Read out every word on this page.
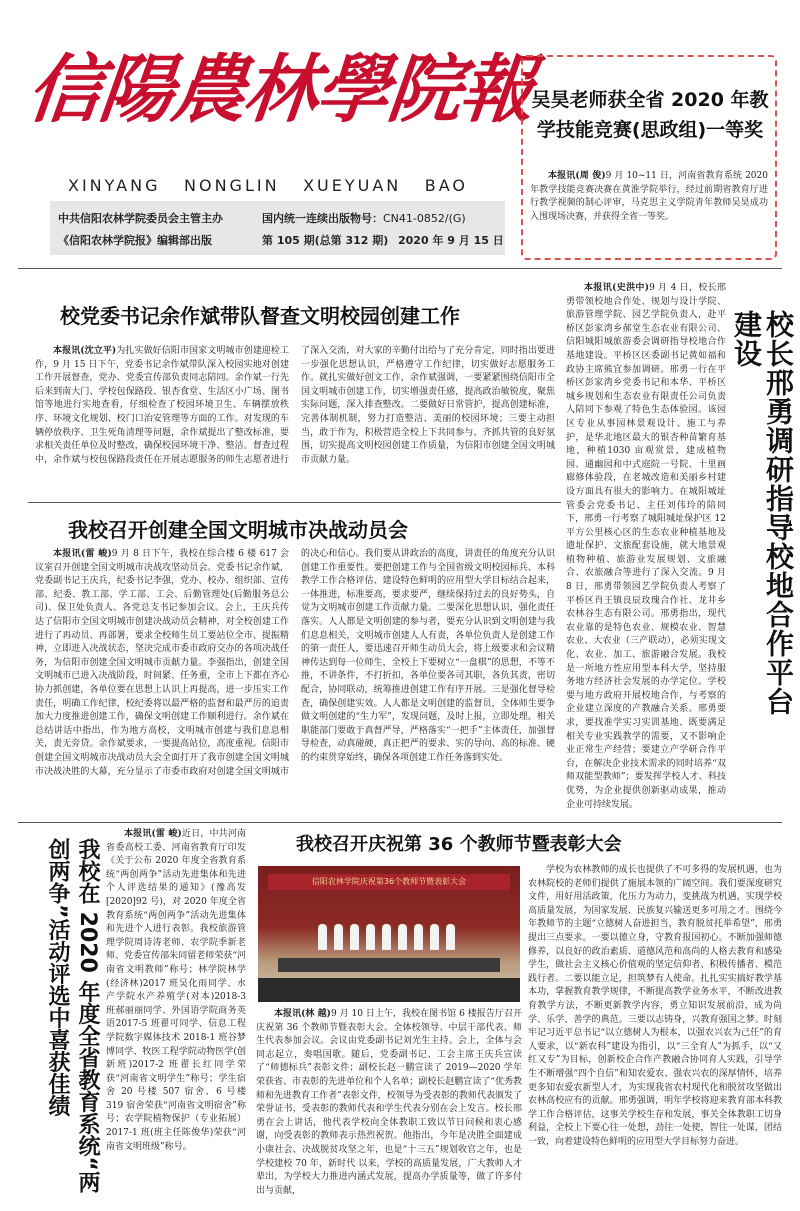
信陽農林學院報
XINYANG NONGLIN XUEYUAN BAO
中共信阳农林学院委员会主管主办
《信阳农林学院报》编辑部出版
国内统一连续出版物号：CN41-0852/(G)
第 105 期(总第 312 期) 2020 年 9 月 15 日
吴昊老师获全省 2020 年教学技能竞赛(思政组)一等奖

本报讯(周 俊)9 月 10~11 日，河南省教育系统 2020 年教学技能竞赛决赛在黄淮学院举行，经过前期省教育厅进行教学视频的制心评审，马克思主义学院青年教师吴昊成功入围现场决赛，并获得全省一等奖。

校党委书记余作斌带队督查文明校园创建工作

本报讯(沈立平)为扎实做好信阳市国家文明城市创建迎检工作，9 月 15 日下午，党委书记余作斌带队深入校园实地对创建工作开展督查，党办、党委宣传部负责同志陪同。余作斌一行先后来到南大门、学校包保路段、银杏食堂、生活区小广场、图书馆等地进行实地查看，仔细检查了校园环境卫生、车辆摆放秩序、环境文化规划、校门口治安管理等方面的工作。对发现的车辆停放秩序、卫生死角清理等问题，余作斌提出了整改标准，要求相关责任单位及时整改，确保校园环境干净、整洁。督查过程中，余作斌与校包保路段责任在开展志愿服务的师生志愿者进行了深入交流，对大家的辛勤付出给与了充分肯定，同时指出要进一步强化思想认识，严格遵守工作纪律，切实做好志愿服务工作。就扎实做好创文工作，余作斌强调，一要紧紧围绕信阳市全国文明城市创建工作，切实增强责任感，提高政治敏锐度，聚焦实际问题，深入排查整改。二要做好日常管护，提高创建标准，完善体制机制，努力打造整洁、美丽的校园环境；三要主动担当，敢于作为，积极营造全校上下共同参与、齐抓共管的良好氛围，切实提高文明校园创建工作质量，为信阳市创建全国文明城市贡献力量。

我校召开创建全国文明城市决战动员会

本报讯(雷 峻)9 月 8 日下午，我校在综合楼 6 楼 617 会议室召开创建全国文明城市决战攻坚动员会。党委书记余作斌，党委副书记王庆兵，纪委书记李强，党办、校办、组织部、宣传部、纪委、教工部、学工部、工会、后勤管理处(后勤服务总公司)、保卫处负责人、各党总支书记参加会议。会上，王庆兵传达了信阳市全国文明城市创建决战动员会精神，对全校创建工作进行了再动员、再部署，要求全校师生员工要站位全市、提振精神，立即进入决战状态，坚决完成市委市政府交办的各项决战任务，为信阳市创建全国文明城市贡献力量。李强指出，创建全国文明城市已进入决战阶段，时间紧、任务重，全市上下都在齐心协力抓创建，各单位要在思想上认识上再提高，进一步压实工作责任，明确工作纪律，校纪委将以最严格的监督和最严厉的追责加大力度推进创建工作，确保文明创建工作顺利进行。余作斌在总结讲话中指出，作为地方高校，文明城市创建与我们息息相关，责无旁贷。余作斌要求，一要提高站位，高度重视。信阳市创建全国文明城市决战动员大会全面打开了我市创建全国文明城市决战决胜的大幕，充分显示了市委市政府对创建全国文明城市的决心和信心。我们要从讲政治的高度，讲责任的角度充分认识创建工作重要性。要把创建工作与全国省级文明校园标兵、本科教学工作合格评估、建设特色鲜明的应用型大学目标结合起来，一体推进，标准要高，要求要严，继续保持过去的良好势头，自觉为文明城市创建工作贡献力量。二要深化思想认识，强化责任落实。人人都是文明创建的参与者，要充分认识到文明创建与我们息息相关，文明城市创建人人有责，各单位负责人是创建工作的第一责任人，要迅速召开师生动员大会，将上级要求和会议精神传达到每一位师生，全校上下要树立“一盘棋”的思想，不等不推，不讲条件，不打折扣，各单位要各司其职，各负其责，密切配合，协同联动，统筹推进创建工作有序开展。三是强化督导检查，确保创建实效。人人都是文明创建的监督员，全体师生要争做文明创建的“生力军”，发现问题，及时上报，立即处理。相关职能部门要敢于真督严导，严格落实“一把手”主体责任，加强督导检查，动真碰硬，真正把严的要求、实的导向、高的标准、硬的约束贯穿始终，确保各项创建工作任务落到实处。

校长邢勇调研指导校地合作平台建设

本报讯(史洪中)9 月 4 日，校长邢勇带领校地合作处、规划与设计学院、旅游管理学院、园艺学院负责人，赴平桥区彭家湾乡郝堂生态农业有限公司、信阳城阳城旅游委会调研指导校地合作基地建设。平桥区区委副书记黄如福和政协主席熊宜参加调研。邢勇一行在平桥区彭家湾乡党委书记和本华、平桥区城乡规划和生态农业有限责任公司负责人陪同下参观了特色生态体验园。该园区专业从事园林景观设计、施工与养护，是华北地区最大的银杏种苗繁育基地，种植1030 亩观赏景，建成植物园、通幽园和中式庭院一号院、十里画廊修体验段，在老城改造和美丽乡村建设方面具有很大的影响力。在城阳城址管委会党委书记、主任刘伟玲的陪同下，邢勇一行考察了城阳城址保护区 12 平方公里核心区的生态农业种植基地及遗址保护、文旅配套设施，就大地景观植物种植、旅游业发展规划、文旅融合、农旅融合等进行了深入交流。9 月 8 日，邢勇带领园艺学院负责人考察了平桥区肖王镇良辰玫瑰合作社、龙井乡农林谷生态有限公司。邢勇指出，现代农业靠的是特色农业、规模农业、智慧农业、大农业（三产联动），必须实现文化、农业、加工、旅游融合发展。我校是一所地方性应用型本科大学，坚持服务地方经济社会发展的办学定位。学校要与地方政府开展校地合作，与考察的企业建立深度的产教融合关系。邢勇要求，要找准学实习实训基地、既要满足相关专业实践教学的需要，又不影响企业正常生产经营；要建立产学研合作平台，在解决企业技术需求的同时培养“双师双能型教师”；要发挥学校人才、科技优势，为企业提供创新驱动成果，推动企业可持续发展。

我校在 2020 年度全省教育系统“两创两争”活动评选中喜获佳绩

本报讯(雷 峻)近日，中共河南省委高校工委、河南省教育厅印发《关于公布 2020 年度全省教育系统“两创两争”活动先进集体和先进个人评选结果的通知》(豫高发[2020]92 号)，对 2020 年度全省教育系统“两创两争”活动先进集体和先进个人进行表彰。我校旅游管理学院周诗涛老师、农学院季新老师、党委宣传部朱同留老师荣获“河南省文明教师”称号；林学院林学(经济林)2017 班吴化雨同学、水产学院水产养殖学(对本)2018-3 班郝丽丽同学、外国语学院商务英语2017-5 班翟可同学、信息工程学院数字媒体技术 2018-1 班谷梦博同学、牧医工程学院动物医学(创新班)2017-2 班翟长红同学荣获“河南省文明学生”称号；学生宿舍 20 号楼 507 宿舍、6 号楼 319 宿舍荣获“河南省文明宿舍”称号；农学院植物保护（专业拓展）2017-1 班(班主任陈俊华)荣获“河南省文明班级”称号。

我校召开庆祝第 36 个教师节暨表彰大会
信阳农林学院庆祝第36个教师节暨表彰大会

本报讯(林 越)9 月 10 日上午，我校在图书馆 6 楼报告厅召开庆祝第 36 个教师节暨表彰大会。全体校领导、中层干部代表、师生代表参加会议。会议由党委副书记刘光生主持。会上，全体与会同志起立，奏唱国歌。随后，党委副书记、工会主席王庆兵宣读了“师德标兵”表彰文件；副校长赵一鹏宣读了 2019—2020 学年荣获省、市表彰的先进单位和个人名单；副校长赵鹏宣读了“优秀教师和先进教育工作者”表彰文件，校领导为受表彰的教师代表颁发了荣誉证书，受表彰的教师代表和学生代表分别在会上发言。校长邢勇在会上讲话，他代表学校向全体教职工致以节日问候和衷心感谢，向受表彰的教师表示热烈祝贺。他指出，今年是决胜全面建成小康社会、决战脱贫攻坚之年，也是“十三五”规划收官之年，也是学校建校 70 年，新时代 以来，学校的高质量发展，广大教师人才辈出，为学校大力推进内涵式发展，提高办学质量等，做了许多付出与贡献，

学校为农林教师的成长也提供了不可多得的发展机遇，也为农林院校的老师们提供了施展本领的广阔空间。我们要深度研究文件，用好用活政策，化压力为动力，变挑战为机遇，实现学校高质量发展，为国家发展、民族复兴输送更多可用之才。围绕今年教师节的主题“立德树人奋进担当，教育脱贫托举希望”，邢勇提出三点要求。一要以德立身，守教育报国初心。不断加强师德修养，以良好的政治素质、道德风范和高尚的人格去教育和感染学生，做社会主义核心价值观的坚定信仰者、积极传播者、模范践行者。二要以能立足，担筑梦有人使命。扎扎实实搞好教学基本功，掌握教育教学规律，不断提高教学业务水平，不断改进教育教学方法，不断更新教学内容，勇立知识发展前沿，成为尚学、乐学、善学的典范。三要以志铸身，兴教育强国之梦。时刻牢记习近平总书记“以立德树人为根本，以强农兴农为己任”的育人要求，以“新农科”建设为指引，以“三全育人”为抓手，以“又红又专”为目标，创新校企合作产教融合协同育人实践，引导学生不断增强“四个自信”和知农爱农、强农兴农的深厚情怀，培养更多知农爱农新型人才，为实现我省农村现代化和脱贫攻坚做出农林高校应有的贡献。邢勇强调，明年学校将迎来教育部本科教学工作合格评估，这事关学校生存和发展，事关全体教职工切身利益，全校上下要心往一处想，劲往一处使，智往一处谋，团结一致，向着建设特色鲜明的应用型大学目标努力奋进。
